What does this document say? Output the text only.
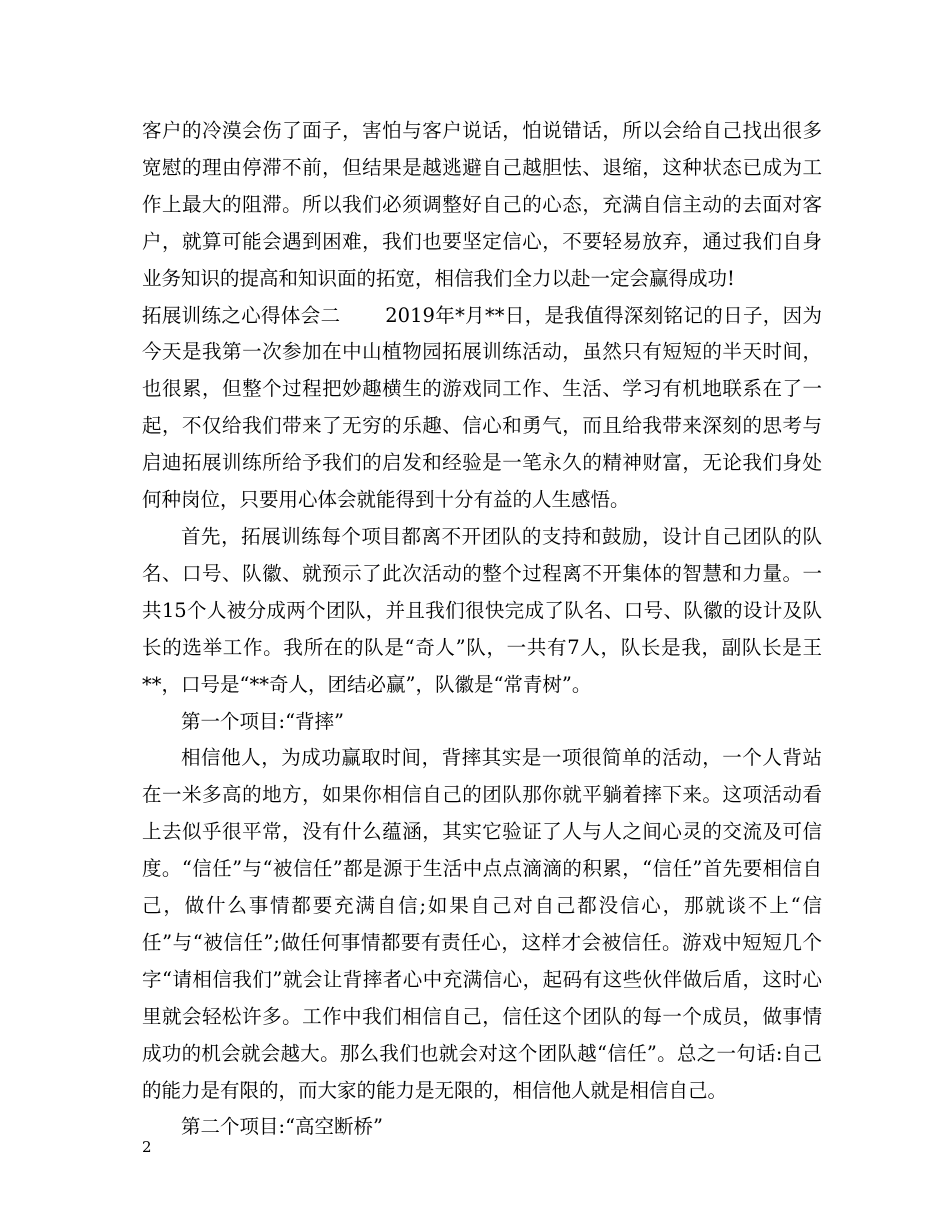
客户的冷漠会伤了面子，害怕与客户说话，怕说错话，所以会给自己找出很多宽慰的理由停滞不前，但结果是越逃避自己越胆怯、退缩，这种状态已成为工作上最大的阻滞。所以我们必须调整好自己的心态，充满自信主动的去面对客户，就算可能会遇到困难，我们也要坚定信心，不要轻易放弃，通过我们自身业务知识的提高和知识面的拓宽，相信我们全力以赴一定会赢得成功!

拓展训练之心得体会二 2019年*月**日，是我值得深刻铭记的日子，因为今天是我第一次参加在中山植物园拓展训练活动，虽然只有短短的半天时间，也很累，但整个过程把妙趣横生的游戏同工作、生活、学习有机地联系在了一起，不仅给我们带来了无穷的乐趣、信心和勇气，而且给我带来深刻的思考与启迪拓展训练所给予我们的启发和经验是一笔永久的精神财富，无论我们身处何种岗位，只要用心体会就能得到十分有益的人生感悟。

首先，拓展训练每个项目都离不开团队的支持和鼓励，设计自己团队的队名、口号、队徽、就预示了此次活动的整个过程离不开集体的智慧和力量。一共15个人被分成两个团队，并且我们很快完成了队名、口号、队徽的设计及队长的选举工作。我所在的队是“奇人”队，一共有7人，队长是我，副队长是王**，口号是“**奇人，团结必赢”，队徽是“常青树”。

第一个项目:“背摔”

相信他人，为成功赢取时间，背摔其实是一项很简单的活动，一个人背站在一米多高的地方，如果你相信自己的团队那你就平躺着摔下来。这项活动看上去似乎很平常，没有什么蕴涵，其实它验证了人与人之间心灵的交流及可信度。“信任”与“被信任”都是源于生活中点点滴滴的积累，“信任”首先要相信自己，做什么事情都要充满自信;如果自己对自己都没信心，那就谈不上“信任”与“被信任”;做任何事情都要有责任心，这样才会被信任。游戏中短短几个字“请相信我们”就会让背摔者心中充满信心，起码有这些伙伴做后盾，这时心里就会轻松许多。工作中我们相信自己，信任这个团队的每一个成员，做事情成功的机会就会越大。那么我们也就会对这个团队越“信任”。总之一句话:自己的能力是有限的，而大家的能力是无限的，相信他人就是相信自己。

第二个项目:“高空断桥”

2
